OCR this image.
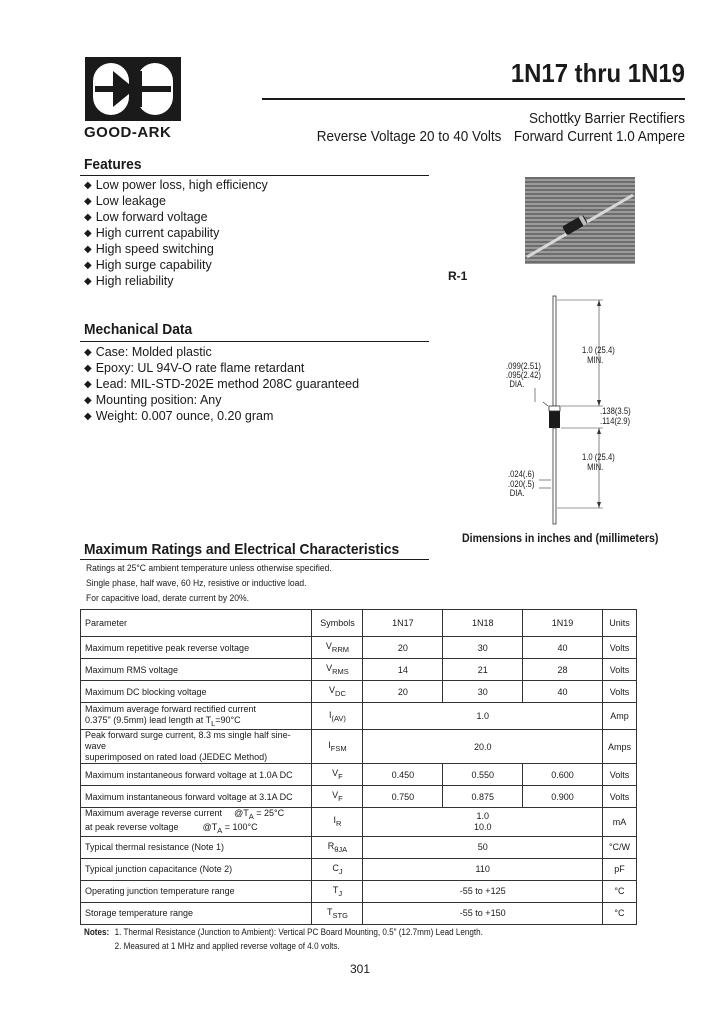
GOOD-ARK
1N17 thru 1N19
Schottky Barrier Rectifiers
Reverse Voltage 20 to 40 Volts Forward Current 1.0 Ampere
Features
◆ Low power loss, high efficiency
◆ Low leakage
◆ Low forward voltage
◆ High current capability
◆ High speed switching
◆ High surge capability
◆ High reliability	R-1
Mechanical Data
◆ Case: Molded plastic
◆ Epoxy: UL 94V-O rate flame retardant
◆ Lead: MIL-STD-202E method 208C guaranteed
◆ Mounting position: Any
◆ Weight: 0.007 ounce, 0.20 gram
1.0 (25.4)
MIN.
.099(2.51)
.095(2.42)
DIA.
.138(3.5)
.114(2.9)
1.0 (25.4)
MIN.
.024(.6)
.020(.5)
DIA.
Dimensions in inches and (millimeters)
Maximum Ratings and Electrical Characteristics
Ratings at 25°C ambient temperature unless otherwise specified.
Single phase, half wave, 60 Hz, resistive or inductive load.
For capacitive load, derate current by 20%.
Parameter	Symbols	1N17	1N18	1N19	Units
Maximum repetitive peak reverse voltage	$V_{RRM}$	20	30	40	Volts
Maximum RMS voltage	$V_{RMS}$	14	21	28	Volts
Maximum DC blocking voltage	$V_{DC}$	20	30	40	Volts

Maximum average forward rectified current
0.375" (9.5mm) lead length at $T_L=90^\circ C$	$I_{(AV)}$	1.0			Amp

Peak forward surge current, 8.3 ms single half sine-wave
superimposed on rated load (JEDEC Method)	$I_{FSM}$	20.0			Amps
Maximum instantaneous forward voltage at 1.0A DC	$V_F$	0.450	0.550	0.600	Volts
Maximum instantaneous forward voltage at 3.1A DC	$V_F$	0.750	0.875	0.900	Volts

Maximum average reverse current $@T_A = 25^\circ C$
at peak reverse voltage $@T_A = 100^\circ C$	$I_R$	1.0
10.0			mA
Typical thermal resistance (Note 1)	$R_{\theta JA}$	50			°C/W
Typical junction capacitance (Note 2)	$C_J$	110			pF
Operating junction temperature range	$T_J$	-55 to +125			°C
Storage temperature range	$T_{STG}$	-55 to +150			°C
Notes: 1. Thermal Resistance (Junction to Ambient): Vertical PC Board Mounting, 0.5" (12.7mm) Lead Length.
2. Measured at 1 MHz and applied reverse voltage of 4.0 volts.
301
